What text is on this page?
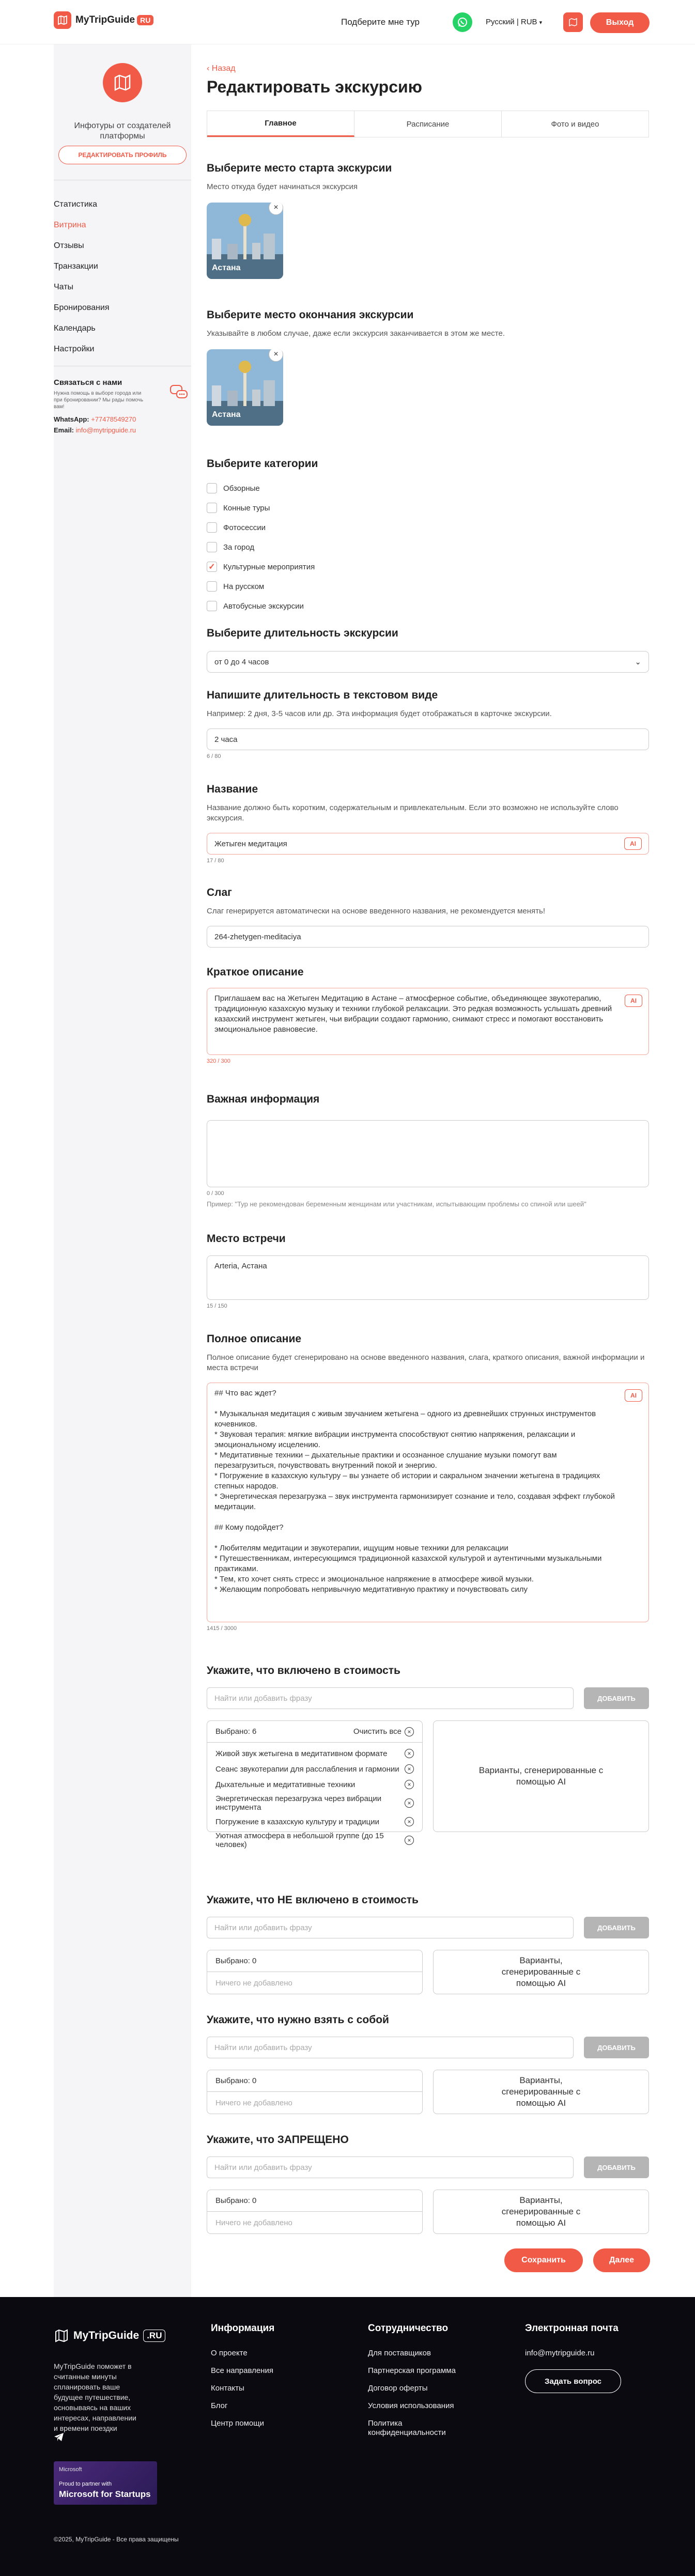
MyTripGuide RU	Подберите мне тур	Русский | RUB ▾	Выход
Инфотуры от создателей платформы
РЕДАКТИРОВАТЬ ПРОФИЛЬ
Статистика
Витрина
Отзывы
Транзакции
Чаты
Бронирования
Календарь
Настройки
Связаться с нами
Нужна помощь в выборе города или при бронировании? Мы рады помочь вам!
WhatsApp: +77478549270
Email: info@mytripguide.ru
‹ Назад
Редактировать экскурсию
Главное	Расписание	Фото и видео
Выберите место старта экскурсии
Место откуда будет начинаться экскурсия
×
Астана
Выберите место окончания экскурсии
Указывайте в любом случае, даже если экскурсия заканчивается в этом же месте.
×
Астана
Выберите категории
Обзорные
Конные туры
Фотосессии
За город
✓ Культурные мероприятия
На русском
Автобусные экскурсии
Выберите длительность экскурсии
от 0 до 4 часов	⌄
Напишите длительность в текстовом виде
Например: 2 дня, 3-5 часов или др. Эта информация будет отображаться в карточке экскурсии.
2 часа
6 / 80
Название
Название должно быть коротким, содержательным и привлекательным. Если это возможно не используйте слово экскурсия.
Жетыген медитация	AI
17 / 80
Слаг
Слаг генерируется автоматически на основе введенного названия, не рекомендуется менять!
264-zhetygen-meditaciya
Краткое описание
Приглашаем вас на Жетыген Медитацию в Астане – атмосферное событие, объединяющее звукотерапию, традиционную казахскую музыку и техники глубокой релаксации. Это редкая возможность услышать древний казахский инструмент жетыген, чьи вибрации создают гармонию, снимают стресс и помогают восстановить эмоциональное равновесие.
AI
320 / 300
Важная информация
0 / 300
Пример: "Тур не рекомендован беременным женщинам или участникам, испытывающим проблемы со спиной или шеей"
Место встречи
Arteria, Астана
15 / 150
Полное описание
Полное описание будет сгенерировано на основе введенного названия, слага, краткого описания, важной информации и места встречи
## Что вас ждет?
* Музыкальная медитация с живым звучанием жетыгена – одного из древнейших струнных инструментов кочевников.
* Звуковая терапия: мягкие вибрации инструмента способствуют снятию напряжения, релаксации и эмоциональному исцелению.
* Медитативные техники – дыхательные практики и осознанное слушание музыки помогут вам перезагрузиться, почувствовать внутренний покой и энергию.
* Погружение в казахскую культуру – вы узнаете об истории и сакральном значении жетыгена в традициях степных народов.
* Энергетическая перезагрузка – звук инструмента гармонизирует сознание и тело, создавая эффект глубокой медитации.
## Кому подойдет?
* Любителям медитации и звукотерапии, ищущим новые техники для релаксации
* Путешественникам, интересующимся традиционной казахской культурой и аутентичными музыкальными практиками.
* Тем, кто хочет снять стресс и эмоциональное напряжение в атмосфере живой музыки.
* Желающим попробовать непривычную медитативную практику и почувствовать силу
AI
1415 / 3000
Укажите, что включено в стоимость
Найти или добавить фразу	ДОБАВИТЬ
Выбрано: 6	Очистить все ×
Живой звук жетыгена в медитативном формате	×
Сеанс звукотерапии для расслабления и гармонии	×
Дыхательные и медитативные техники	×
Энергетическая перезагрузка через вибрации инструмента
×
Погружение в казахскую культуру и традиции	×
Уютная атмосфера в небольшой группе (до 15 человек)
×
Варианты, сгенерированные с помощью AI
Укажите, что НЕ включено в стоимость
Найти или добавить фразу	ДОБАВИТЬ
Выбрано: 0
Ничего не добавлено
Варианты, сгенерированные с помощью AI
Укажите, что нужно взять с собой
Найти или добавить фразу	ДОБАВИТЬ
Выбрано: 0
Ничего не добавлено
Варианты, сгенерированные с помощью AI
Укажите, что ЗАПРЕЩЕНО
Найти или добавить фразу	ДОБАВИТЬ
Выбрано: 0
Ничего не добавлено
Варианты, сгенерированные с помощью AI
Сохранить	Далее
MyTripGuide .RU
MyTripGuide поможет в считанные минуты спланировать ваше будущее путешествие, основываясь на ваших интересах, направлении и времени поездки
Microsoft
Proud to partner with
Microsoft for Startups
Информация
О проекте
Все направления
Контакты
Блог
Центр помощи
Сотрудничество
Для поставщиков
Партнерская программа
Договор оферты
Условия использования
Политика конфиденциальности
Электронная почта
info@mytripguide.ru
Задать вопрос
©2025, MyTripGuide - Все права защищены
